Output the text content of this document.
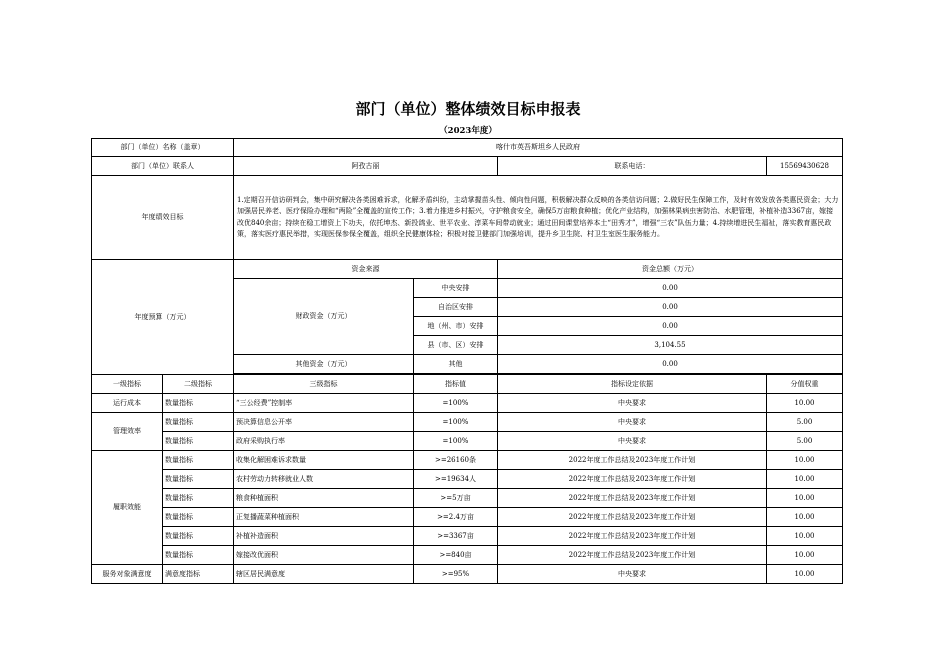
部门（单位）整体绩效目标申报表
（2023年度）
部门（单位）名称（盖章）		喀什市英吾斯坦乡人民政府			
部门（单位）联系人		阿孜古丽		联系电话：	15569430628
年度绩效目标		1.定期召开信访研判会，集中研究解决各类困难诉求，化解矛盾纠纷，主动掌握苗头性、倾向性问题，积极解决群众反映的各类信访问题；2.做好民生保障工作，及时有效发放各类惠民资金；大力加强居民养老、医疗保险办理和“两险”全覆盖的宣传工作；3.着力推进乡村振兴，守护粮食安全，确保5万亩粮食种植；优化产业结构，加强林果病虫害防治、水肥管理，补植补造3367亩，嫁接改优840余亩；持续在稳工增资上下功夫，依托坤杰、新投鸽业、世平农业、淳菜车间带动就业；通过田间课堂培养本土“田秀才”，增强“三农”队伍力量；4.持续增进民生福祉，落实教育惠民政策，落实医疗惠民举措，实现医保参保全覆盖，组织全民健康体检；积极对接卫健部门加强培训，提升乡卫生院、村卫生室医生服务能力。			
年度预算（万元）		资金来源		资金总额（万元）	
		财政资金（万元）	中央安排	0.00	
			自治区安排	0.00	
			地（州、市）安排	0.00	
			县（市、区）安排	3,104.55	
		其他资金（万元）	其他	0.00	

一级指标	二级指标	三级指标	指标值	指标设定依据	分值权重
运行成本	数量指标	“三公经费”控制率	=100%	中央要求	10.00
管理效率	数量指标	预决算信息公开率	=100%	中央要求	5.00
	数量指标	政府采购执行率	=100%	中央要求	5.00
履职效能	数量指标	收集化解困难诉求数量	>=26160条	2022年度工作总结及2023年度工作计划	10.00
	数量指标	农村劳动力转移就业人数	>=19634人	2022年度工作总结及2023年度工作计划	10.00
	数量指标	粮食种植面积	>=5万亩	2022年度工作总结及2023年度工作计划	10.00
	数量指标	正复播蔬菜种植面积	>=2.4万亩	2022年度工作总结及2023年度工作计划	10.00
	数量指标	补植补造面积	>=3367亩	2022年度工作总结及2023年度工作计划	10.00
	数量指标	嫁接改优面积	>=840亩	2022年度工作总结及2023年度工作计划	10.00
服务对象满意度	满意度指标	辖区居民满意度	>=95%	中央要求	10.00
